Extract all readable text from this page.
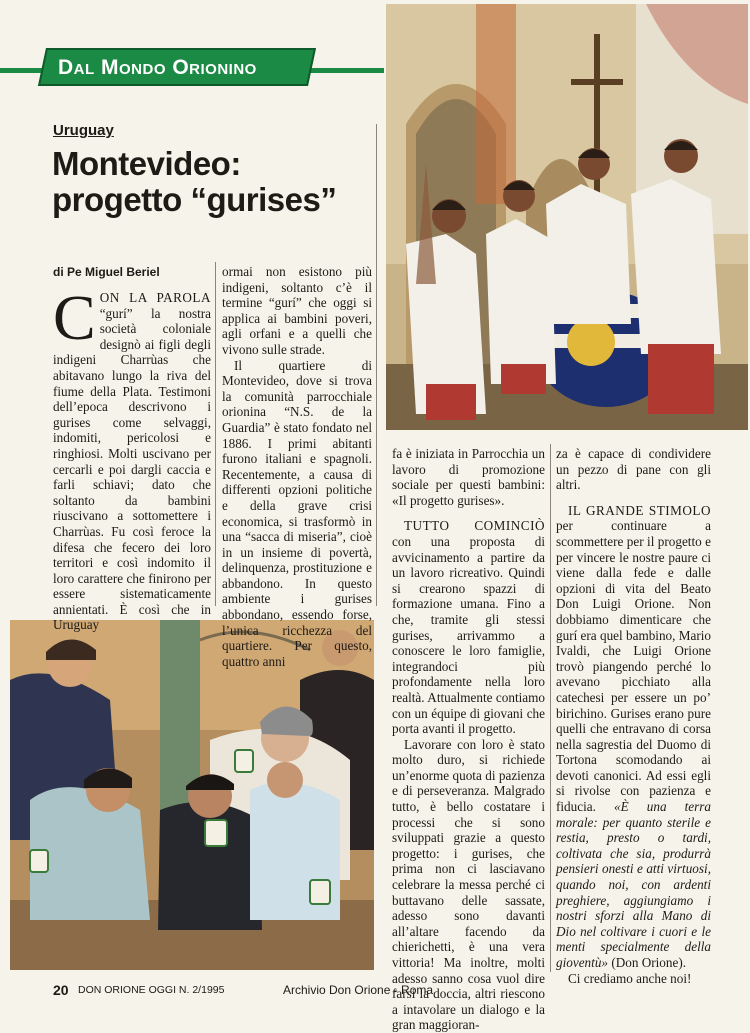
Dal Mondo Orionino
Uruguay
Montevideo:
progetto “gurises”
di Pe Miguel Beriel
CON LA PAROLA “gurí” la nostra società coloniale designò ai figli degli indigeni Charrùas che abitavano lungo la riva del fiume della Plata. Testimoni dell’epoca descrivono i gurises come selvaggi, indomiti, pericolosi e ringhiosi. Molti uscivano per cercarli e poi dargli caccia e farli schiavi; dato che soltanto da bambini riuscivano a sottomettere i Charrùas. Fu così feroce la difesa che fecero dei loro territori e così indomito il loro carattere che finirono per essere sistematicamente annientati. È così che in Uruguay

ormai non esistono più indigeni, soltanto c’è il termine “gurí” che oggi si applica ai bambini poveri, agli orfani e a quelli che vivono sulle strade.

Il quartiere di Montevideo, dove si trova la comunità parrocchiale orionina “N.S. de la Guardia” è stato fondato nel 1886. I primi abitanti furono italiani e spagnoli. Recentemente, a causa di differenti opzioni politiche e della grave crisi economica, si trasformò in una “sacca di miseria”, cioè in un insieme di povertà, delinquenza, prostituzione e abbandono. In questo ambiente i gurises abbondano, essendo forse, l’unica ricchezza del quartiere. Per questo, quattro anni

fa è iniziata in Parrocchia un lavoro di promozione sociale per questi bambini: «Il progetto gurises».

TUTTO COMINCIÒ con una proposta di avvicinamento a partire da un lavoro ricreativo. Quindi si crearono spazzi di formazione umana. Fino a che, tramite gli stessi gurises, arrivammo a conoscere le loro famiglie, integrandoci più profondamente nella loro realtà. Attualmente contiamo con un équipe di giovani che porta avanti il progetto.

Lavorare con loro è stato molto duro, si richiede un’enorme quota di pazienza e di perseveranza. Malgrado tutto, è bello costatare i processi che si sono sviluppati grazie a questo progetto: i gurises, che prima non ci lasciavano celebrare la messa perché ci buttavano delle sassate, adesso sono davanti all’altare facendo da chierichetti, è una vera vittoria! Ma inoltre, molti adesso sanno cosa vuol dire farsi la doccia, altri riescono a intavolare un dialogo e la gran maggioran-

za è capace di condividere un pezzo di pane con gli altri.

IL GRANDE STIMOLO per continuare a scommettere per il progetto e per vincere le nostre paure ci viene dalla fede e dalle opzioni di vita del Beato Don Luigi Orione. Non dobbiamo dimenticare che gurí era quel bambino, Mario Ivaldi, che Luigi Orione trovò piangendo perché lo avevano picchiato alla catechesi per essere un po’ birichino. Gurises erano pure quelli che entravano di corsa nella sagrestia del Duomo di Tortona scomodando ai devoti canonici. Ad essi egli si rivolse con pazienza e fiducia. «È una terra morale: per quanto sterile e restia, presto o tardi, coltivata che sia, produrrà pensieri onesti e atti virtuosi, quando noi, con ardenti preghiere, aggiungiamo i nostri sforzi alla Mano di Dio nel coltivare i cuori e le menti specialmente della gioventù» (Don Orione).

Ci crediamo anche noi!

20 DON ORIONE OGGI N. 2/1995	Archivio Don Orione - Roma
